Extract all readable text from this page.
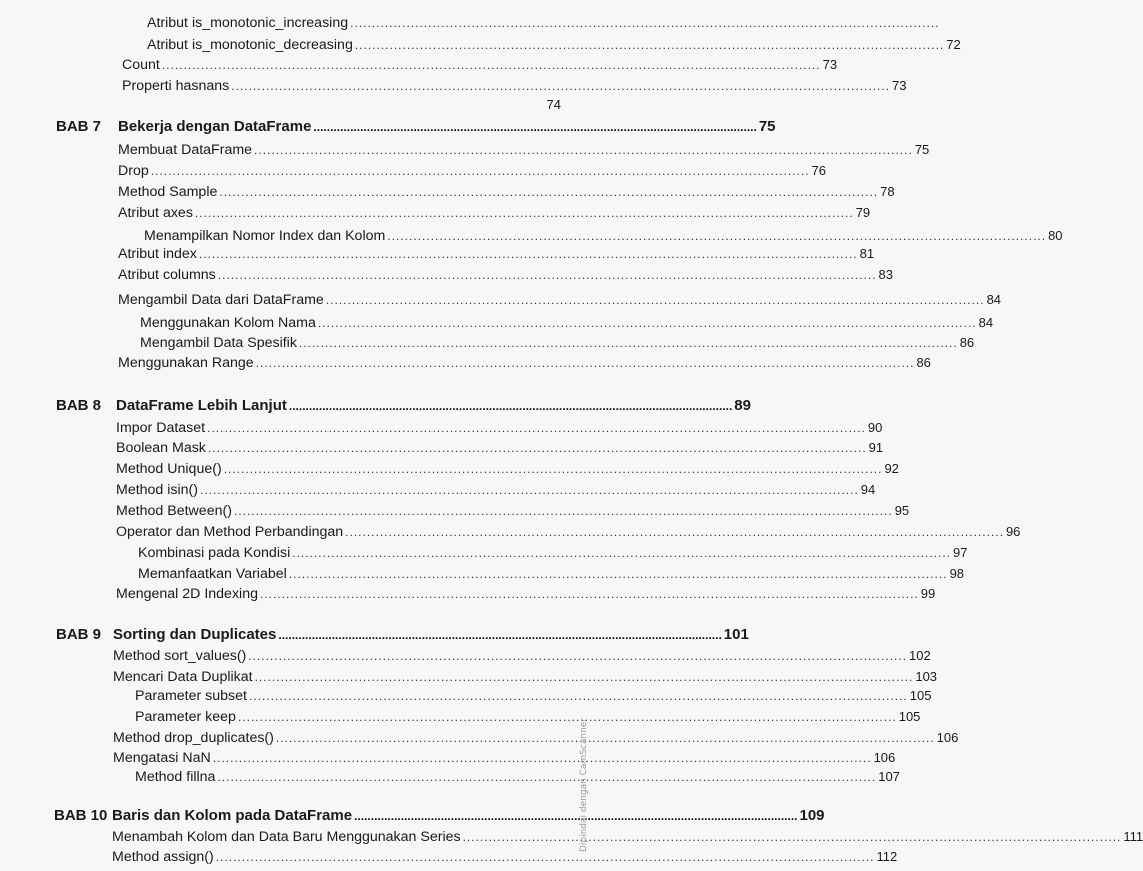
Atribut is_monotonic_increasing ........................................................................................................................................
Atribut is_monotonic_decreasing ........................................................................................................................................ 72
Count ........................................................................................................................................................ 73
Properti hasnans ........................................................................................................................................................ 73
74
BAB 7 Bekerja dengan DataFrame ..................................................................................................................................... 75
Membuat DataFrame ........................................................................................................................................................ 75
Drop ........................................................................................................................................................ 76
Method Sample ........................................................................................................................................................ 78
Atribut axes ........................................................................................................................................................ 79
Menampilkan Nomor Index dan Kolom ........................................................................................................................................................ 80
Atribut index ........................................................................................................................................................ 81
Atribut columns ........................................................................................................................................................ 83
Mengambil Data dari DataFrame ........................................................................................................................................................ 84
Menggunakan Kolom Nama ........................................................................................................................................................ 84
Mengambil Data Spesifik ........................................................................................................................................................ 86
Menggunakan Range ........................................................................................................................................................ 86
BAB 8 DataFrame Lebih Lanjut ..................................................................................................................................... 89
Impor Dataset ........................................................................................................................................................ 90
Boolean Mask ........................................................................................................................................................ 91
Method Unique() ........................................................................................................................................................ 92
Method isin() ........................................................................................................................................................ 94
Method Between() ........................................................................................................................................................ 95
Operator dan Method Perbandingan ........................................................................................................................................................ 96
Kombinasi pada Kondisi ........................................................................................................................................................ 97
Memanfaatkan Variabel ........................................................................................................................................................ 98
Mengenal 2D Indexing ........................................................................................................................................................ 99
BAB 9 Sorting dan Duplicates ..................................................................................................................................... 101
Method sort_values() ........................................................................................................................................................ 102
Mencari Data Duplikat ........................................................................................................................................................ 103
Parameter subset ........................................................................................................................................................ 105
Parameter keep ........................................................................................................................................................ 105
Method drop_duplicates() ........................................................................................................................................................ 106
Mengatasi NaN ........................................................................................................................................................ 106
Method fillna ........................................................................................................................................................ 107
BAB 10 Baris dan Kolom pada DataFrame ..................................................................................................................................... 109
Menambah Kolom dan Data Baru Menggunakan Series ........................................................................................................................................................ 111
Method assign() ........................................................................................................................................................ 112
Dipindai dengan CamScanner
